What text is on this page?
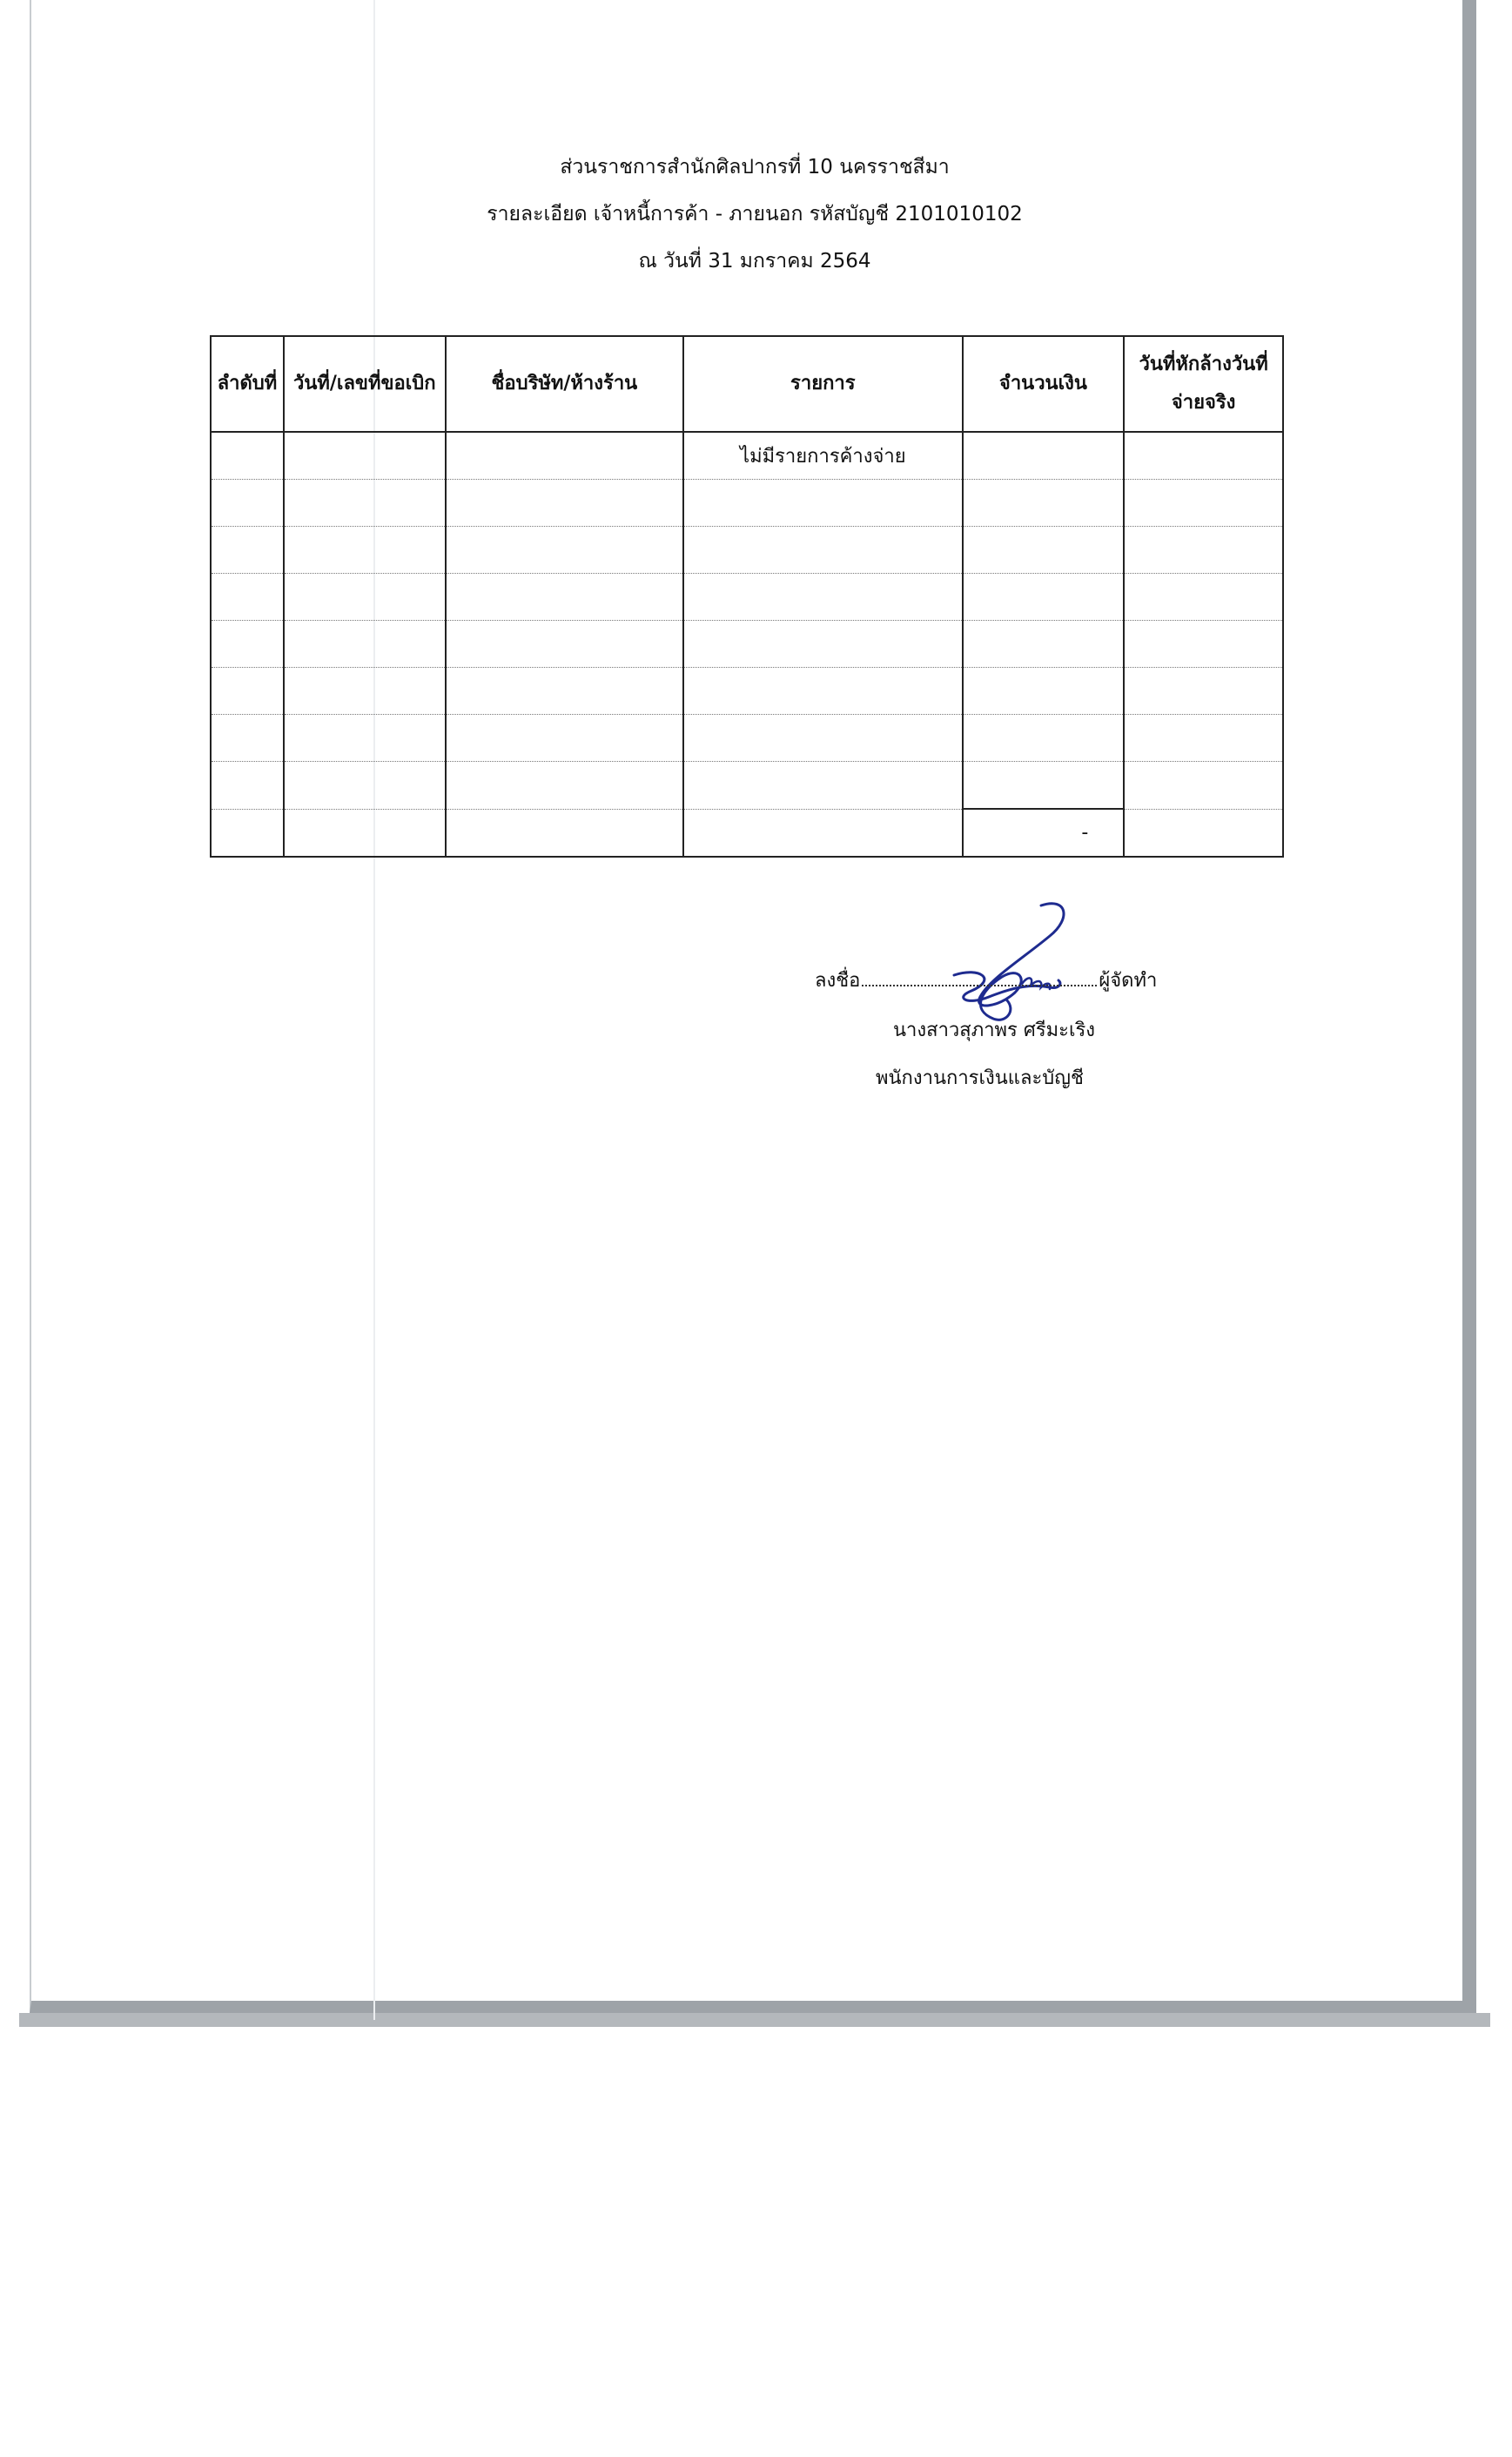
ส่วนราชการสำนักศิลปากรที่ 10 นครราชสีมา
รายละเอียด เจ้าหนี้การค้า - ภายนอก รหัสบัญชี 2101010102
ณ วันที่ 31 มกราคม 2564
ลำดับที่	วันที่/เลขที่ขอเบิก	ชื่อบริษัท/ห้างร้าน	รายการ	จำนวนเงิน	วันที่หักล้างวันที่จ่ายจริง
			ไม่มีรายการค้างจ่าย		

				-	
ลงชื่อ	ผู้จัดทำ
นางสาวสุภาพร ศรีมะเริง
พนักงานการเงินและบัญชี
